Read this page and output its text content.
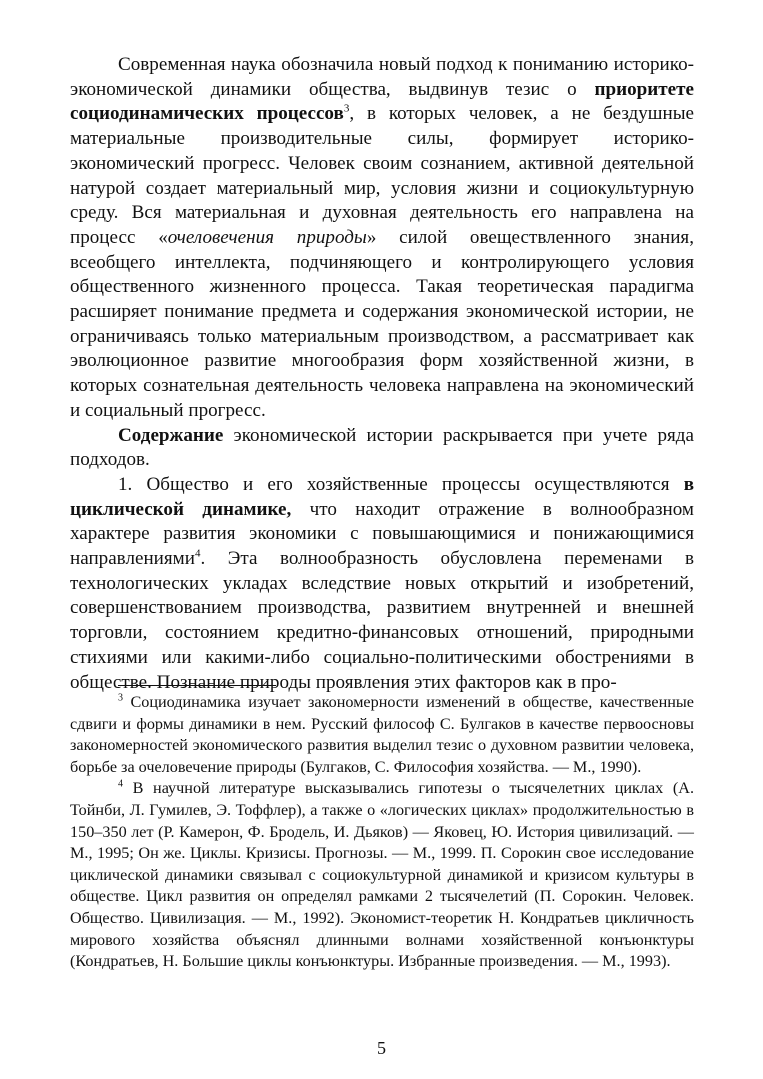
Современная наука обозначила новый подход к пониманию историко-экономической динамики общества, выдвинув тезис о приоритете социодинамических процессов$^3$, в которых человек, а не бездушные материальные производительные силы, формирует историко-экономический прогресс. Человек своим сознанием, активной деятельной натурой создает материальный мир, условия жизни и социокультурную среду. Вся материальная и духовная деятельность его направлена на процесс «очеловечения природы» силой овеществленного знания, всеобщего интеллекта, подчиняющего и контролирующего условия общественного жизненного процесса. Такая теоретическая парадигма расширяет понимание предмета и содержания экономической истории, не ограничиваясь только материальным производством, а рассматривает как эволюционное развитие многообразия форм хозяйственной жизни, в которых сознательная деятельность человека направлена на экономический и социальный прогресс.

Содержание экономической истории раскрывается при учете ряда подходов.

1. Общество и его хозяйственные процессы осуществляются в циклической динамике, что находит отражение в волнообразном характере развития экономики с повышающимися и понижающимися направлениями$^4$. Эта волнообразность обусловлена переменами в технологических укладах вследствие новых открытий и изобретений, совершенствованием производства, развитием внутренней и внешней торговли, состоянием кредитно-финансовых отношений, природными стихиями или какими-либо социально-политическими обострениями в обществе. Познание природы проявления этих факторов как в про-

$^3$ Социодинамика изучает закономерности изменений в обществе, качественные сдвиги и формы динамики в нем. Русский философ С. Булгаков в качестве первоосновы закономерностей экономического развития выделил тезис о духовном развитии человека, борьбе за очеловечение природы (Булгаков, С. Философия хозяйства. — М., 1990).

$^4$ В научной литературе высказывались гипотезы о тысячелетних циклах (А. Тойнби, Л. Гумилев, Э. Тоффлер), а также о «логических циклах» продолжительностью в 150–350 лет (Р. Камерон, Ф. Бродель, И. Дьяков) — Яковец, Ю. История цивилизаций. — М., 1995; Он же. Циклы. Кризисы. Прогнозы. — М., 1999. П. Сорокин свое исследование циклической динамики связывал с социокультурной динамикой и кризисом культуры в обществе. Цикл развития он определял рамками 2 тысячелетий (П. Сорокин. Человек. Общество. Цивилизация. — М., 1992). Экономист-теоретик Н. Кондратьев цикличность мирового хозяйства объяснял длинными волнами хозяйственной конъюнктуры (Кондратьев, Н. Большие циклы конъюнктуры. Избранные произведения. — М., 1993).

5
